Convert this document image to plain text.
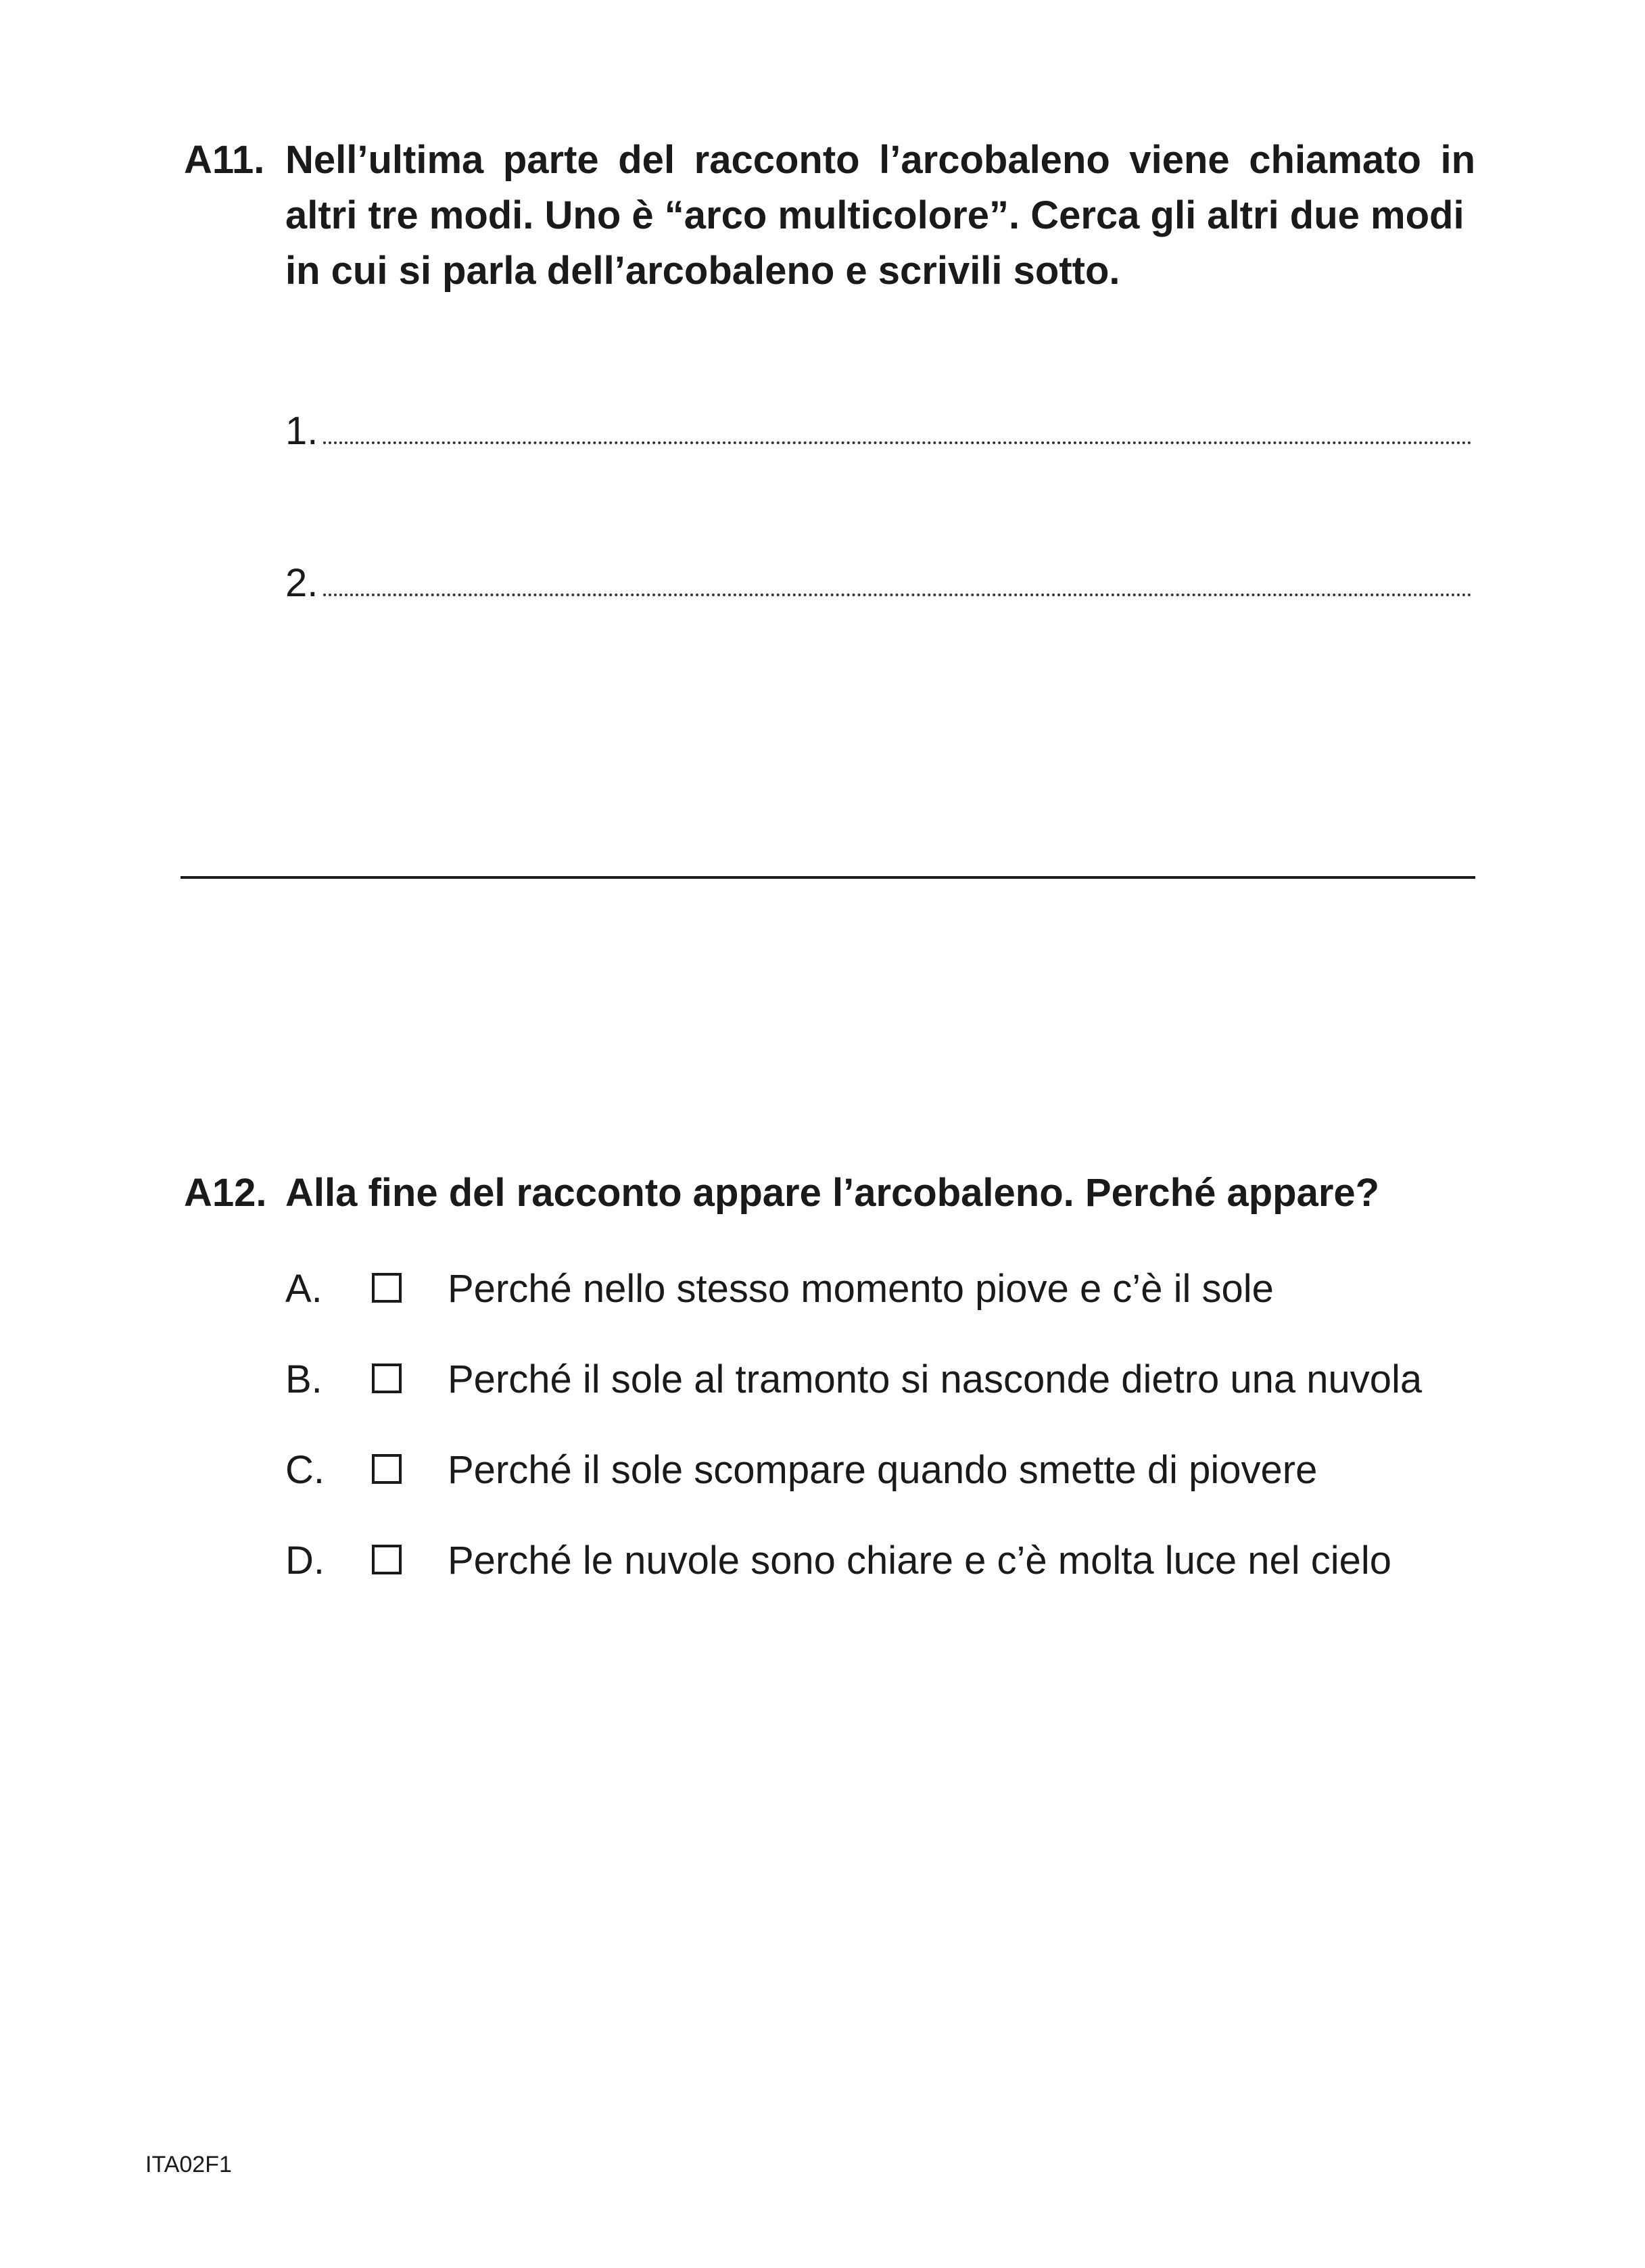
A11. Nell’ultima parte del racconto l’arcobaleno viene chiamato in
altri tre modi. Uno è “arco multicolore”. Cerca gli altri due modi
in cui si parla dell’arcobaleno e scrivili sotto.
1.
2.
A12. Alla fine del racconto appare l’arcobaleno. Perché appare?
A.	Perché nello stesso momento piove e c’è il sole
B.	Perché il sole al tramonto si nasconde dietro una nuvola
C.	Perché il sole scompare quando smette di piovere
D.	Perché le nuvole sono chiare e c’è molta luce nel cielo
ITA02F1
